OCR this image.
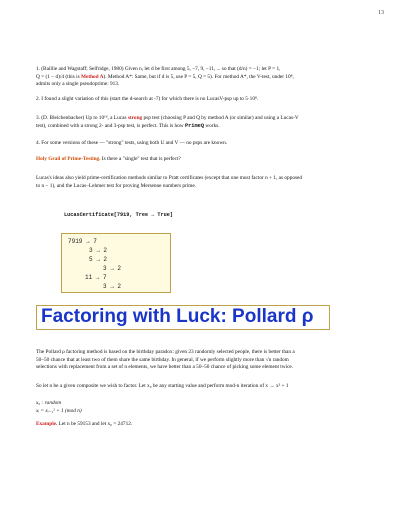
13

1. (Baillie and Wagstaff; Selfridge, 1980) Given n, let d be first among 5, −7, 9, −11, ... so that (d/n) = −1; let P = 1,
Q = (1 − d)/4 (this is Method A). Method A*: Same, but if d is 5, use P = 5, Q = 5). For method A*, the V-test, under 10⁸,
admits only a single pseudoprime: 913.

2. I found a slight variation of this (start the d-search at -7) for which there is no LucasV-psp up to 5·10⁸.

3. (D. Bleichenbacher) Up to 10¹⁶, a Lucas strong psp test (choosing P and Q by method A (or similar) and using a Lucas-V
test), combined with a strong 2- and 3-psp test, is perfect. This is how PrimeQ works.

4. For some versions of these — "strong" tests, using both U and V — no psps are known.

Holy Grail of Prime-Testing. Is there a "single" test that is perfect?

Lucas's ideas also yield prime-certification methods similar to Pratt certificates (except that one must factor n + 1, as opposed
to n − 1), and the Lucas–Lehmer test for proving Mersenne numbers prime.

LucasCertificate[7919, Tree → True]

7919 → 7

3 → 2

5 → 2

3 → 2

11 → 7

3 → 2

Factoring with Luck: Pollard ρ

The Pollard ρ factoring method is based on the birthday paradox: given 23 randomly selected people, there is better than a
50–50 chance that at least two of them share the same birthday. In general, if we perform slightly more than √n random
selections with replacement from a set of n elements, we have better than a 50–50 chance of picking some element twice.

So let n be a given composite we wish to factor. Let x₀ be any starting value and perform mod-n iteration of x → x² + 1

x₀ : random
xᵢ = xᵢ₋₁² + 1 (mod n)

Example. Let n be 59153 and let x₀ = 24712.
